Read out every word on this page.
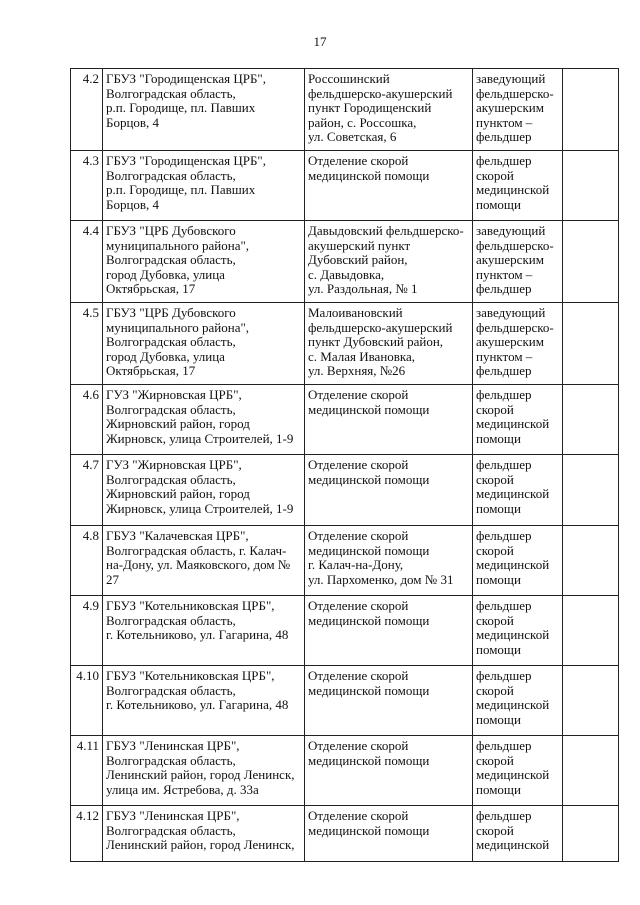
17
4.2	ГБУЗ "Городищенская ЦРБ",
Волгоградская область,
р.п. Городище, пл. Павших
Борцов, 4	Россошинский
фельдшерско-акушерский
пункт Городищенский
район, с. Россошка,
ул. Советская, 6	заведующий
фельдшерско-
акушерским
пунктом –
фельдшер	
4.3	ГБУЗ "Городищенская ЦРБ",
Волгоградская область,
р.п. Городище, пл. Павших
Борцов, 4	Отделение скорой
медицинской помощи	фельдшер
скорой
медицинской
помощи	
4.4	ГБУЗ "ЦРБ Дубовского
муниципального района",
Волгоградская область,
город Дубовка, улица
Октябрьская, 17	Давыдовский фельдшерско-
акушерский пункт
Дубовский район,
с. Давыдовка,
ул. Раздольная, № 1	заведующий
фельдшерско-
акушерским
пунктом –
фельдшер	
4.5	ГБУЗ "ЦРБ Дубовского
муниципального района",
Волгоградская область,
город Дубовка, улица
Октябрьская, 17	Малоивановский
фельдшерско-акушерский
пункт Дубовский район,
с. Малая Ивановка,
ул. Верхняя, №26	заведующий
фельдшерско-
акушерским
пунктом –
фельдшер	
4.6	ГУЗ "Жирновская ЦРБ",
Волгоградская область,
Жирновский район, город
Жирновск, улица Строителей, 1-9	Отделение скорой
медицинской помощи	фельдшер
скорой
медицинской
помощи	
4.7	ГУЗ "Жирновская ЦРБ",
Волгоградская область,
Жирновский район, город
Жирновск, улица Строителей, 1-9	Отделение скорой
медицинской помощи	фельдшер
скорой
медицинской
помощи	
4.8	ГБУЗ "Калачевская ЦРБ",
Волгоградская область, г. Калач-
на-Дону, ул. Маяковского, дом №
27	Отделение скорой
медицинской помощи
г. Калач-на-Дону,
ул. Пархоменко, дом № 31	фельдшер
скорой
медицинской
помощи	
4.9	ГБУЗ "Котельниковская ЦРБ",
Волгоградская область,
г. Котельниково, ул. Гагарина, 48	Отделение скорой
медицинской помощи	фельдшер
скорой
медицинской
помощи	
4.10	ГБУЗ "Котельниковская ЦРБ",
Волгоградская область,
г. Котельниково, ул. Гагарина, 48	Отделение скорой
медицинской помощи	фельдшер
скорой
медицинской
помощи	
4.11	ГБУЗ "Ленинская ЦРБ",
Волгоградская область,
Ленинский район, город Ленинск,
улица им. Ястребова, д. 33а	Отделение скорой
медицинской помощи	фельдшер
скорой
медицинской
помощи	
4.12	ГБУЗ "Ленинская ЦРБ",
Волгоградская область,
Ленинский район, город Ленинск,	Отделение скорой
медицинской помощи	фельдшер
скорой
медицинской	
